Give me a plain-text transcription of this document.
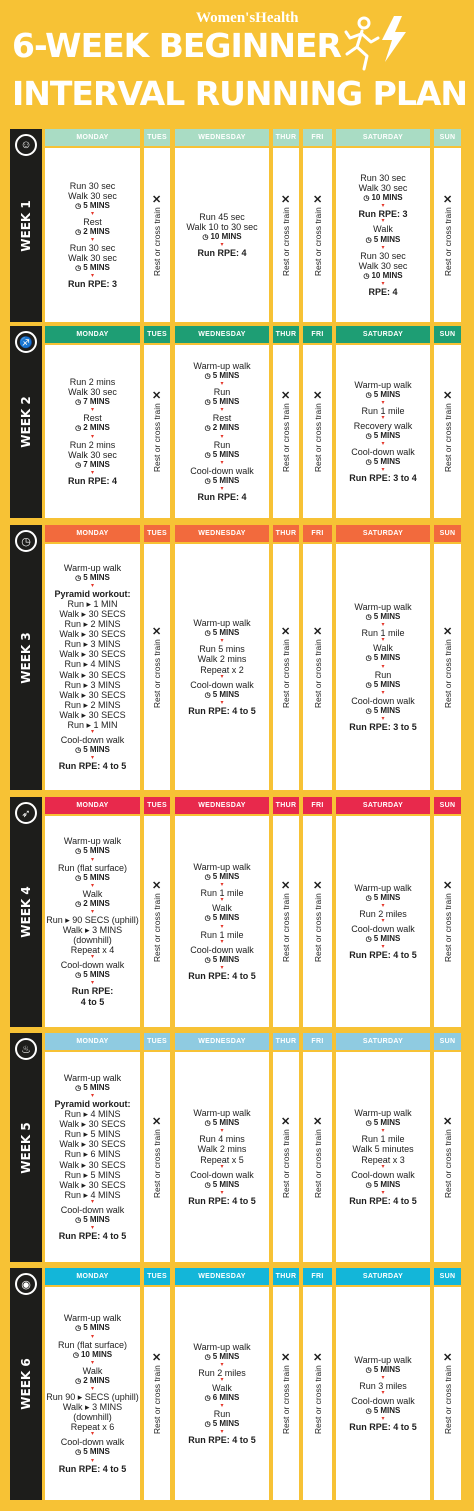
Women'sHealth
6-WEEK BEGINNER
INTERVAL RUNNING PLAN
☺
WEEK 1
MONDAY
Run 30 sec
Walk 30 sec
◷ 5 MINS
▾
Rest
◷ 2 MINS
▾
Run 30 sec
Walk 30 sec
◷ 5 MINS
▾
Run RPE: 3
TUES
Rest or cross train
✕
WEDNESDAY
Run 45 sec
Walk 10 to 30 sec
◷ 10 MINS
▾
Run RPE: 4
THUR
Rest or cross train
✕
FRI
Rest or cross train
✕
SATURDAY
Run 30 sec
Walk 30 sec
◷ 10 MINS
▾
Run RPE: 3
▾
Walk
◷ 5 MINS
▾
Run 30 sec
Walk 30 sec
◷ 10 MINS
▾
RPE: 4
SUN
Rest or cross train
✕
♐
WEEK 2
MONDAY
Run 2 mins
Walk 30 sec
◷ 7 MINS
▾
Rest
◷ 2 MINS
▾
Run 2 mins
Walk 30 sec
◷ 7 MINS
▾
Run RPE: 4
TUES
Rest or cross train
✕
WEDNESDAY
Warm-up walk
◷ 5 MINS
▾
Run
◷ 5 MINS
▾
Rest
◷ 2 MINS
▾
Run
◷ 5 MINS
▾
Cool-down walk
◷ 5 MINS
▾
Run RPE: 4
THUR
Rest or cross train
✕
FRI
Rest or cross train
✕
SATURDAY
Warm-up walk
◷ 5 MINS
▾
Run 1 mile
▾
Recovery walk
◷ 5 MINS
▾
Cool-down walk
◷ 5 MINS
▾
Run RPE: 3 to 4
SUN
Rest or cross train
✕
◷
WEEK 3
MONDAY
Warm-up walk
◷ 5 MINS
▾
Pyramid workout:
Run ▸ 1 MIN
Walk ▸ 30 SECS
Run ▸ 2 MINS
Walk ▸ 30 SECS
Run ▸ 3 MINS
Walk ▸ 30 SECS
Run ▸ 4 MINS
Walk ▸ 30 SECS
Run ▸ 3 MINS
Walk ▸ 30 SECS
Run ▸ 2 MINS
Walk ▸ 30 SECS
Run ▸ 1 MIN
▾
Cool-down walk
◷ 5 MINS
▾
Run RPE: 4 to 5
TUES
Rest or cross train
✕
WEDNESDAY
Warm-up walk
◷ 5 MINS
▾
Run 5 mins
Walk 2 mins
Repeat x 2
▾
Cool-down walk
◷ 5 MINS
▾
Run RPE: 4 to 5
THUR
Rest or cross train
✕
FRI
Rest or cross train
✕
SATURDAY
Warm-up walk
◷ 5 MINS
▾
Run 1 mile
▾
Walk
◷ 5 MINS
▾
Run
◷ 5 MINS
▾
Cool-down walk
◷ 5 MINS
▾
Run RPE: 3 to 5
SUN
Rest or cross train
✕
➶
WEEK 4
MONDAY
Warm-up walk
◷ 5 MINS
▾
Run (flat surface)
◷ 5 MINS
▾
Walk
◷ 2 MINS
▾
Run ▸ 90 SECS (uphill)
Walk ▸ 3 MINS
(downhill)
Repeat x 4
▾
Cool-down walk
◷ 5 MINS
▾
Run RPE:
4 to 5
TUES
Rest or cross train
✕
WEDNESDAY
Warm-up walk
◷ 5 MINS
▾
Run 1 mile
▾
Walk
◷ 5 MINS
▾
Run 1 mile
▾
Cool-down walk
◷ 5 MINS
▾
Run RPE: 4 to 5
THUR
Rest or cross train
✕
FRI
Rest or cross train
✕
SATURDAY
Warm-up walk
◷ 5 MINS
▾
Run 2 miles
▾
Cool-down walk
◷ 5 MINS
▾
Run RPE: 4 to 5
SUN
Rest or cross train
✕
♨
WEEK 5
MONDAY
Warm-up walk
◷ 5 MINS
▾
Pyramid workout:
Run ▸ 4 MINS
Walk ▸ 30 SECS
Run ▸ 5 MINS
Walk ▸ 30 SECS
Run ▸ 6 MINS
Walk ▸ 30 SECS
Run ▸ 5 MINS
Walk ▸ 30 SECS
Run ▸ 4 MINS
▾
Cool-down walk
◷ 5 MINS
▾
Run RPE: 4 to 5
TUES
Rest or cross train
✕
WEDNESDAY
Warm-up walk
◷ 5 MINS
▾
Run 4 mins
Walk 2 mins
Repeat x 5
▾
Cool-down walk
◷ 5 MINS
▾
Run RPE: 4 to 5
THUR
Rest or cross train
✕
FRI
Rest or cross train
✕
SATURDAY
Warm-up walk
◷ 5 MINS
▾
Run 1 mile
Walk 5 minutes
Repeat x 3
▾
Cool-down walk
◷ 5 MINS
▾
Run RPE: 4 to 5
SUN
Rest or cross train
✕
◉
WEEK 6
MONDAY
Warm-up walk
◷ 5 MINS
▾
Run (flat surface)
◷ 10 MINS
▾
Walk
◷ 2 MINS
▾
Run 90 ▸ SECS (uphill)
Walk ▸ 3 MINS
(downhill)
Repeat x 6
▾
Cool-down walk
◷ 5 MINS
▾
Run RPE: 4 to 5
TUES
Rest or cross train
✕
WEDNESDAY
Warm-up walk
◷ 5 MINS
▾
Run 2 miles
▾
Walk
◷ 6 MINS
▾
Run
◷ 5 MINS
▾
Run RPE: 4 to 5
THUR
Rest or cross train
✕
FRI
Rest or cross train
✕
SATURDAY
Warm-up walk
◷ 5 MINS
▾
Run 3 miles
▾
Cool-down walk
◷ 5 MINS
▾
Run RPE: 4 to 5
SUN
Rest or cross train
✕
